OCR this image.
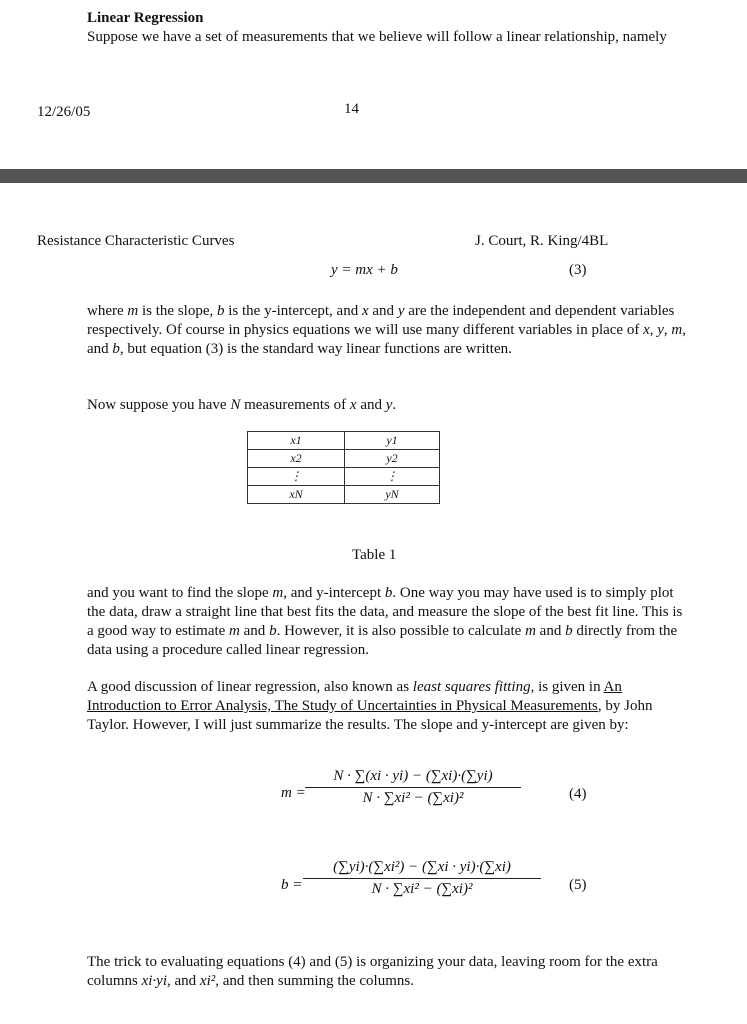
Linear Regression
Suppose we have a set of measurements that we believe will follow a linear relationship, namely
12/26/05	14
Resistance Characteristic Curves	J. Court, R. King/4BL
y = mx + b	(3)
where m is the slope, b is the y-intercept, and x and y are the independent and dependent variables respectively. Of course in physics equations we will use many different variables in place of x, y, m, and b, but equation (3) is the standard way linear functions are written.
Now suppose you have N measurements of x and y.
x1	y1
x2	y2
⋮	⋮
xN	yN
Table 1
and you want to find the slope m, and y-intercept b. One way you may have used is to simply plot the data, draw a straight line that best fits the data, and measure the slope of the best fit line. This is a good way to estimate m and b. However, it is also possible to calculate m and b directly from the data using a procedure called linear regression.
A good discussion of linear regression, also known as least squares fitting, is given in An Introduction to Error Analysis, The Study of Uncertainties in Physical Measurements, by John Taylor. However, I will just summarize the results. The slope and y-intercept are given by:
$m = \frac{N \cdot \sum(xi \cdot yi) - (\sum xi)\cdot(\sum yi)}{\text{N · ∑xi² − (∑xi)²}}$	(4)
$b = \frac{\text{(∑yi)·(∑xi²) − (∑xi · yi)·(∑xi)}}{\text{N · ∑xi² − (∑xi)²}} (5)$
The trick to evaluating equations (4) and (5) is organizing your data, leaving room for the extra columns xi·yi, and xi², and then summing the columns.
